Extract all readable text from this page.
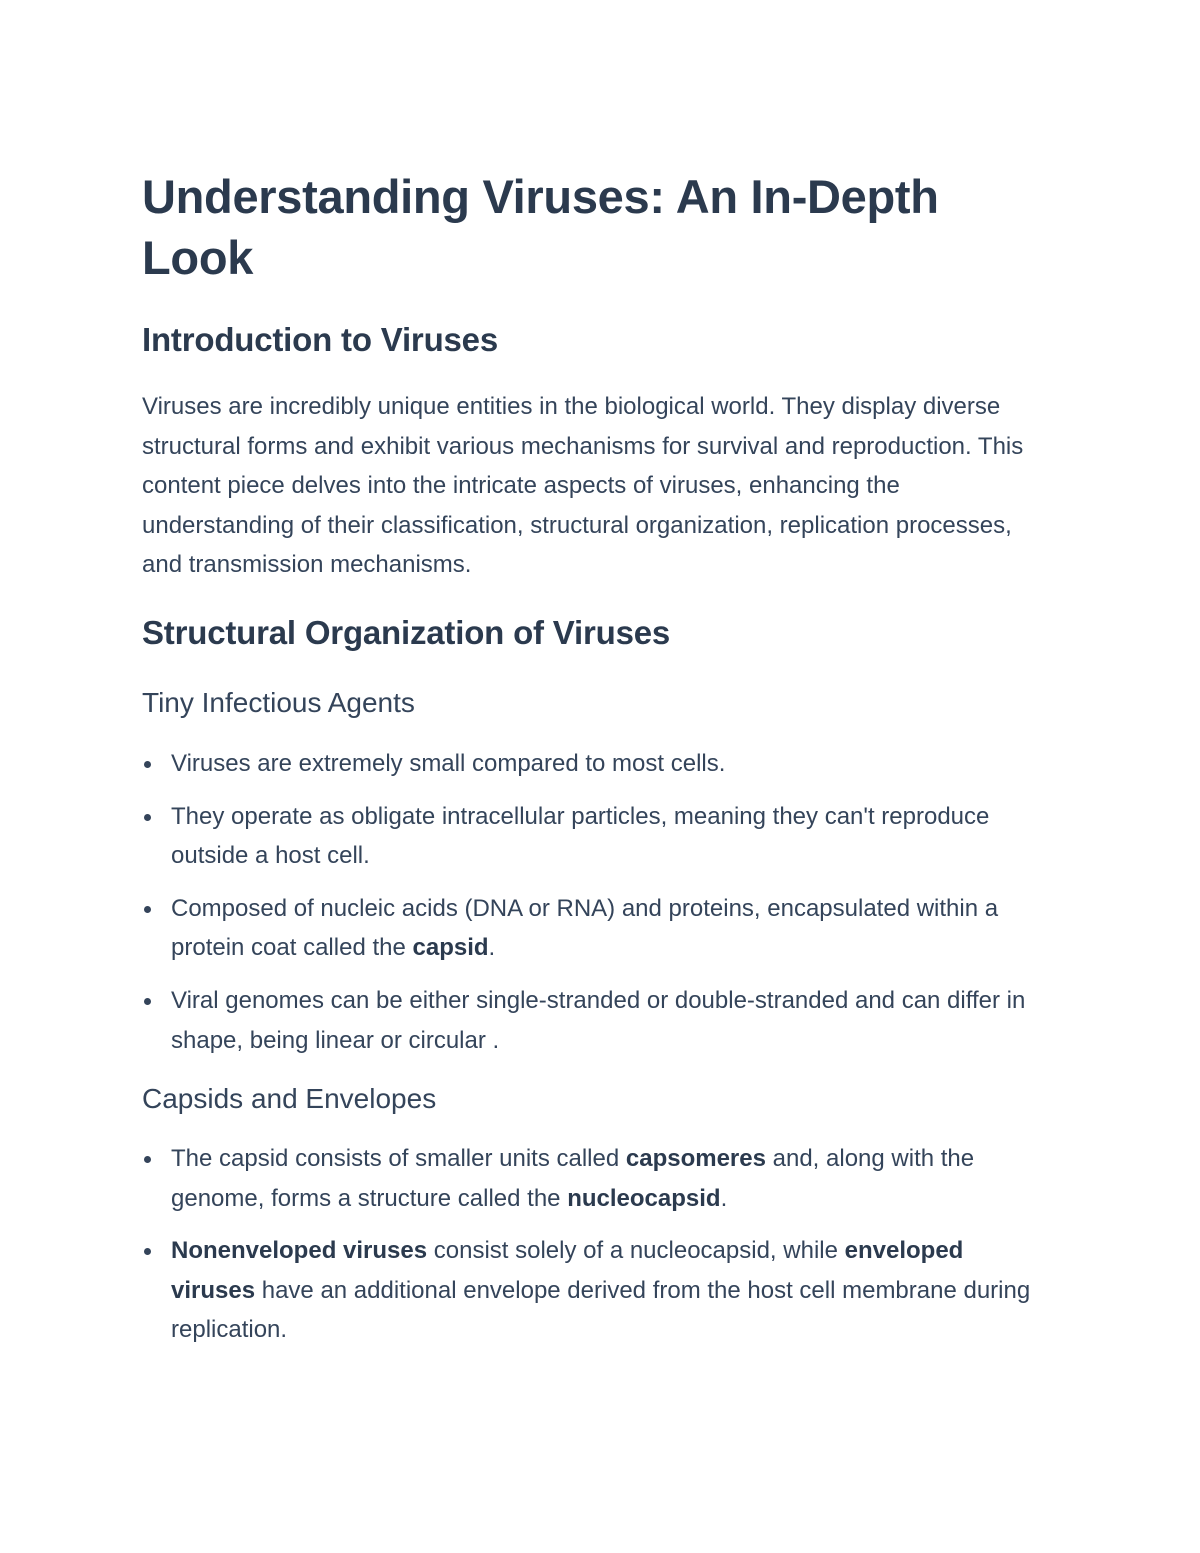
Understanding Viruses: An In-Depth Look
Introduction to Viruses

Viruses are incredibly unique entities in the biological world. They display diverse structural forms and exhibit various mechanisms for survival and reproduction. This content piece delves into the intricate aspects of viruses, enhancing the understanding of their classification, structural organization, replication processes, and transmission mechanisms.

Structural Organization of Viruses
Tiny Infectious Agents
Viruses are extremely small compared to most cells.
They operate as obligate intracellular particles, meaning they can't reproduce outside a host cell.
Composed of nucleic acids (DNA or RNA) and proteins, encapsulated within a protein coat called the capsid.
Viral genomes can be either single-stranded or double-stranded and can differ in shape, being linear or circular .
Capsids and Envelopes
The capsid consists of smaller units called capsomeres and, along with the genome, forms a structure called the nucleocapsid.
Nonenveloped viruses consist solely of a nucleocapsid, while enveloped viruses have an additional envelope derived from the host cell membrane during replication.
